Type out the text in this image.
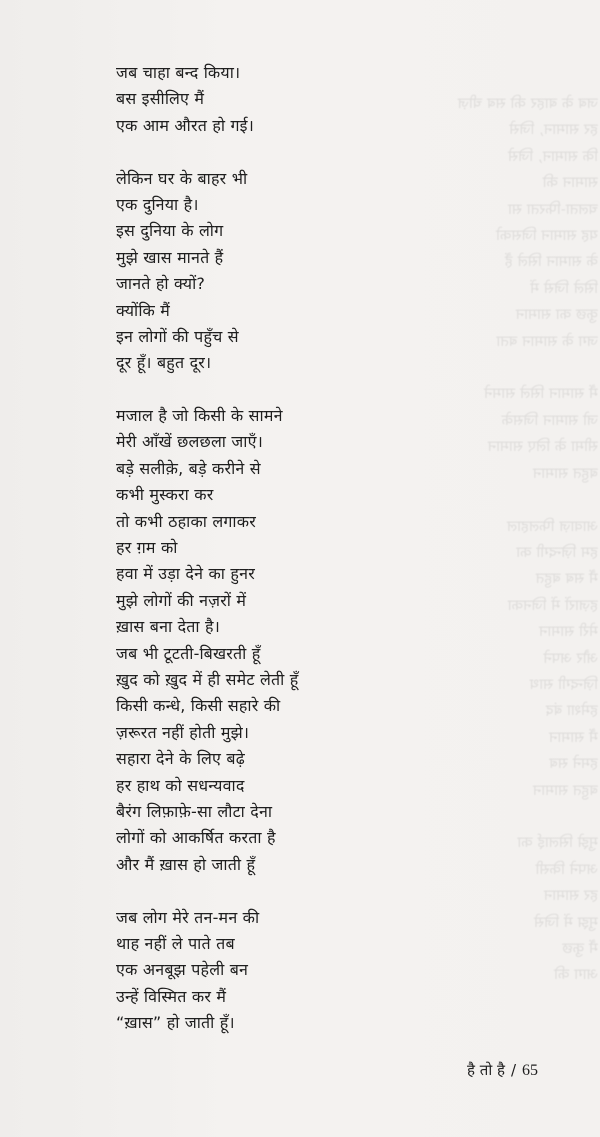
जब के बाहर की सब चीज़
हर सामान, जिसे
कि सामान, जिसे
सामान की
चलता-फिरता सा
यह सामान जिसको
के सामान सिले हैं
सिले जिसे में
कुछ का सामान
जग के सामान बता

मैं सामान सिले सामने
जो सामान जिसके
सीमा के लिए सामान
बहुत सामान

आवाज़ फिलहाल
हम ज़िन्दगी का
मैं सब बहुत
हज़ारों में जिनका
मेरी सामान
और अपने
ज़िन्दगी साथ
हमेशा बंद
मैं सामान
हमने सब
बहुत सामान

मुझे सिलाई का
अपने किसी
हर सामान
मुझ में जिसे
मैं कुछ
आग की
जब चाहा बन्द किया।
बस इसीलिए मैं
एक आम औरत हो गई।
लेकिन घर के बाहर भी
एक दुनिया है।
इस दुनिया के लोग
मुझे खास मानते हैं
जानते हो क्यों?
क्योंकि मैं
इन लोगों की पहुँच से
दूर हूँ। बहुत दूर।
मजाल है जो किसी के सामने
मेरी आँखें छलछला जाएँ।
बड़े सलीक़े, बड़े करीने से
कभी मुस्करा कर
तो कभी ठहाका लगाकर
हर ग़म को
हवा में उड़ा देने का हुनर
मुझे लोगों की नज़रों में
ख़ास बना देता है।
जब भी टूटती-बिखरती हूँ
ख़ुद को ख़ुद में ही समेट लेती हूँ
किसी कन्धे, किसी सहारे की
ज़रूरत नहीं होती मुझे।
सहारा देने के लिए बढ़े
हर हाथ को सधन्यवाद
बैरंग लिफ़ाफ़े-सा लौटा देना
लोगों को आकर्षित करता है
और मैं ख़ास हो जाती हूँ
जब लोग मेरे तन-मन की
थाह नहीं ले पाते तब
एक अनबूझ पहेली बन
उन्हें विस्मित कर मैं
“ख़ास” हो जाती हूँ।
है तो है / 65
